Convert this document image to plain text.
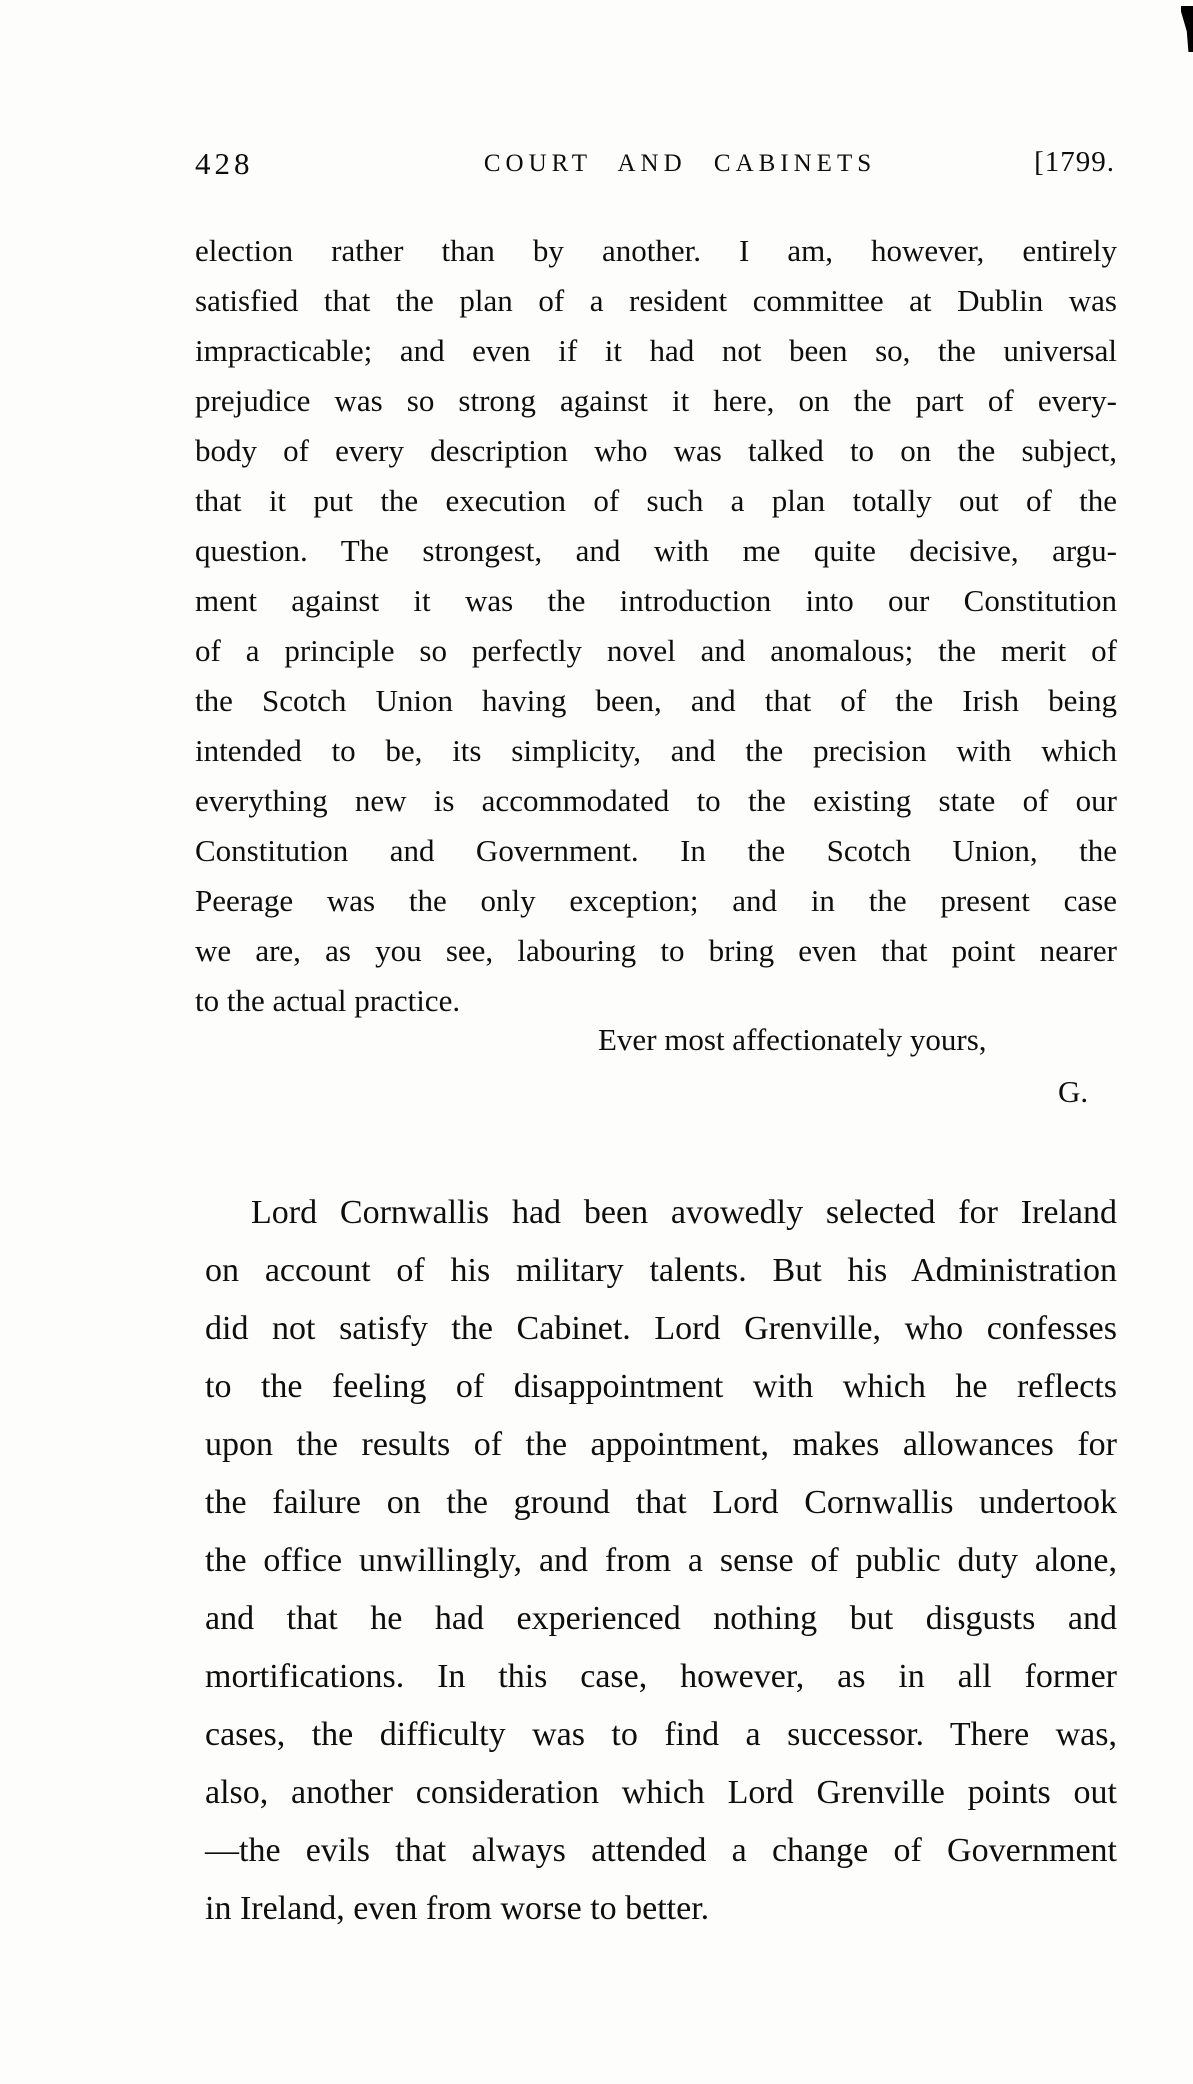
428	COURT AND CABINETS	[1799.
election rather than by another. I am, however, entirely
satisfied that the plan of a resident committee at Dublin was
impracticable; and even if it had not been so, the universal
prejudice was so strong against it here, on the part of every-
body of every description who was talked to on the subject,
that it put the execution of such a plan totally out of the
question. The strongest, and with me quite decisive, argu-
ment against it was the introduction into our Constitution
of a principle so perfectly novel and anomalous; the merit of
the Scotch Union having been, and that of the Irish being
intended to be, its simplicity, and the precision with which
everything new is accommodated to the existing state of our
Constitution and Government. In the Scotch Union, the
Peerage was the only exception; and in the present case
we are, as you see, labouring to bring even that point nearer
to the actual practice.
Ever most affectionately yours,
G.
Lord Cornwallis had been avowedly selected for Ireland
on account of his military talents. But his Administration
did not satisfy the Cabinet. Lord Grenville, who confesses
to the feeling of disappointment with which he reflects
upon the results of the appointment, makes allowances for
the failure on the ground that Lord Cornwallis undertook
the office unwillingly, and from a sense of public duty alone,
and that he had experienced nothing but disgusts and
mortifications. In this case, however, as in all former
cases, the difficulty was to find a successor. There was,
also, another consideration which Lord Grenville points out
—the evils that always attended a change of Government
in Ireland, even from worse to better.
